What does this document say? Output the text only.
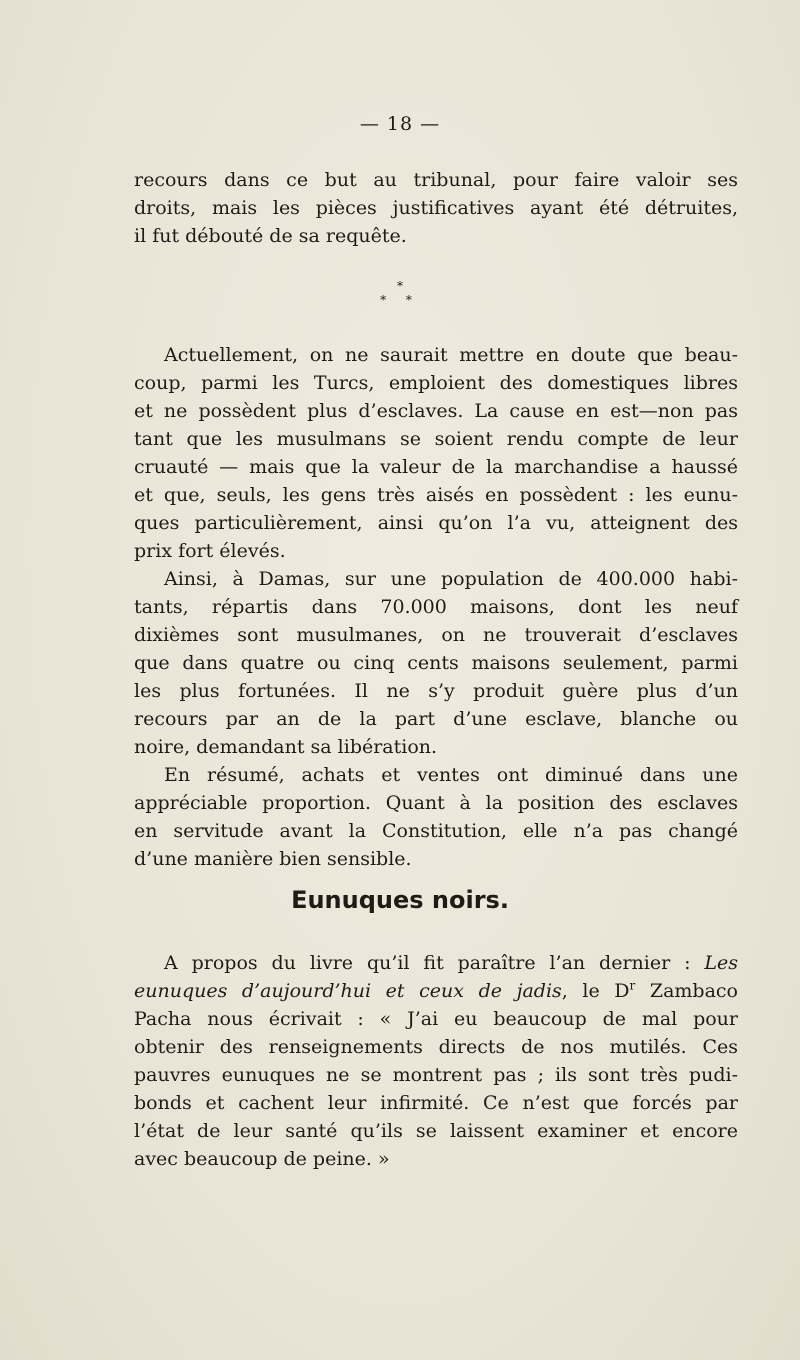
— 18 —
recours dans ce but au tribunal, pour faire valoir ses
droits, mais les pièces justificatives ayant été détruites,
il fut débouté de sa requête.
*
* *
Actuellement, on ne saurait mettre en doute que beau-
coup, parmi les Turcs, emploient des domestiques libres
et ne possèdent plus d’esclaves. La cause en est—non pas
tant que les musulmans se soient rendu compte de leur
cruauté — mais que la valeur de la marchandise a haussé
et que, seuls, les gens très aisés en possèdent : les eunu-
ques particulièrement, ainsi qu’on l’a vu, atteignent des
prix fort élevés.
Ainsi, à Damas, sur une population de 400.000 habi-
tants, répartis dans 70.000 maisons, dont les neuf
dixièmes sont musulmanes, on ne trouverait d’esclaves
que dans quatre ou cinq cents maisons seulement, parmi
les plus fortunées. Il ne s’y produit guère plus d’un
recours par an de la part d’une esclave, blanche ou
noire, demandant sa libération.
En résumé, achats et ventes ont diminué dans une
appréciable proportion. Quant à la position des esclaves
en servitude avant la Constitution, elle n’a pas changé
d’une manière bien sensible.
Eunuques noirs.
A propos du livre qu’il fit paraître l’an dernier : Les
eunuques d’aujourd’hui et ceux de jadis, le $D^r$ Zambaco
Pacha nous écrivait : « J’ai eu beaucoup de mal pour
obtenir des renseignements directs de nos mutilés. Ces
pauvres eunuques ne se montrent pas ; ils sont très pudi-
bonds et cachent leur infirmité. Ce n’est que forcés par
l’état de leur santé qu’ils se laissent examiner et encore
avec beaucoup de peine. »
